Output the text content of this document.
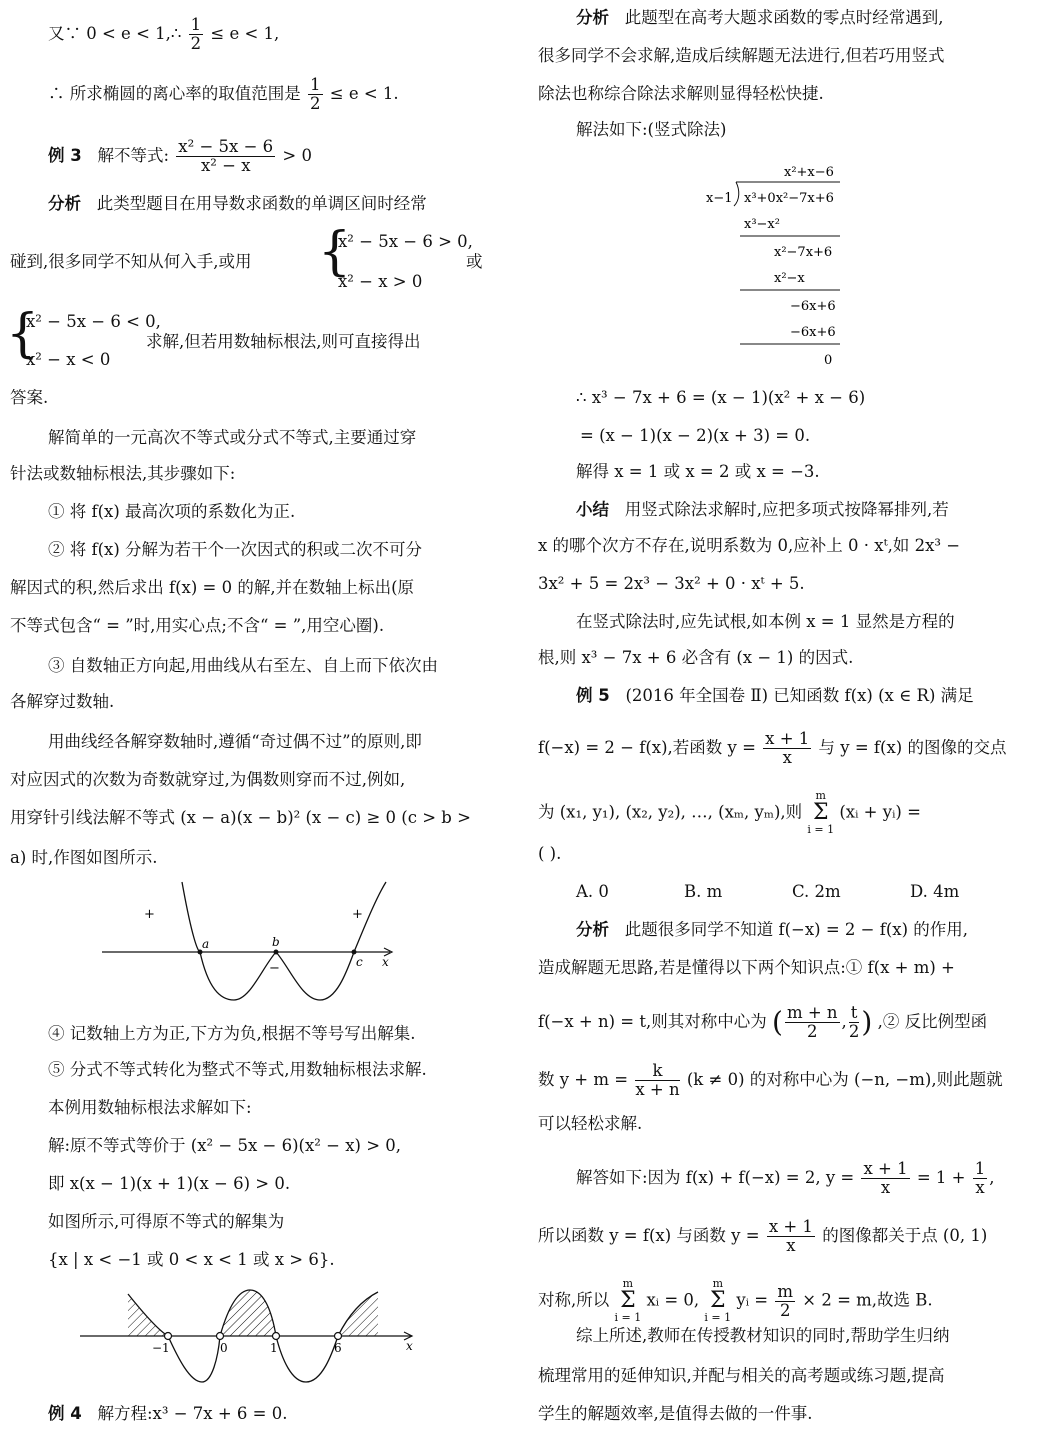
又∵ 0 < e < 1,∴ $\frac{1}{2} \le e < 1$,
∴ 所求椭圆的离心率的取值范围是 $\frac{1}{2} \le e < 1$.
例 3 解不等式: $\frac{\text{x² − 5x − 6}}{\text{x² − x}} > 0$
分析 此类型题目在用导数求函数的单调区间时经常
碰到,很多同学不知从何入手,或用 {
x² − 5x − 6 > 0,
x² − x > 0
或
{
x² − 5x − 6 < 0,
x² − x < 0
求解,但若用数轴标根法,则可直接得出
答案.
解简单的一元高次不等式或分式不等式,主要通过穿
针法或数轴标根法,其步骤如下:
① 将 f(x) 最高次项的系数化为正.
② 将 f(x) 分解为若干个一次因式的积或二次不可分
解因式的积,然后求出 f(x) = 0 的解,并在数轴上标出(原
不等式包含“ = ”时,用实心点;不含“ = ”,用空心圈).
③ 自数轴正方向起,用曲线从右至左、自上而下依次由
各解穿过数轴.
用曲线经各解穿数轴时,遵循“奇过偶不过”的原则,即
对应因式的次数为奇数就穿过,为偶数则穿而不过,例如,
用穿针引线法解不等式 (x − a)(x − b)² (x − c) ≥ 0 (c > b >
a) 时,作图如图所示.
+	+
−
a	b
c x
④ 记数轴上方为正,下方为负,根据不等号写出解集.
⑤ 分式不等式转化为整式不等式,用数轴标根法求解.
本例用数轴标根法求解如下:
解:原不等式等价于 (x² − 5x − 6)(x² − x) > 0,
即 x(x − 1)(x + 1)(x − 6) > 0.
如图所示,可得原不等式的解集为
{x | x < −1 或 0 < x < 1 或 x > 6}.
−1	0	1	6	x
例 4 解方程:x³ − 7x + 6 = 0.
分析 此题型在高考大题求函数的零点时经常遇到,
很多同学不会求解,造成后续解题无法进行,但若巧用竖式
除法也称综合除法求解则显得轻松快捷.
解法如下:(竖式除法)
x²+x−6
x−1 x³+0x²−7x+6
x³−x²
x²−7x+6
x²−x
−6x+6
−6x+6
0
∴ x³ − 7x + 6 = (x − 1)(x² + x − 6)
= (x − 1)(x − 2)(x + 3) = 0.
解得 x = 1 或 x = 2 或 x = −3.
小结 用竖式除法求解时,应把多项式按降幂排列,若
x 的哪个次方不存在,说明系数为 0,应补上 0 · xᵗ,如 2x³ −
3x² + 5 = 2x³ − 3x² + 0 · xᵗ + 5.
在竖式除法时,应先试根,如本例 x = 1 显然是方程的
根,则 x³ − 7x + 6 必含有 (x − 1) 的因式.
例 5 (2016 年全国卷 Ⅱ) 已知函数 f(x) (x ∈ R) 满足
f(−x) = 2 − f(x),若函数 $y = \frac{x + 1}{x}$ 与 y = f(x) 的图像的交点
为 (x₁, y₁), (x₂, y₂), …, (xₘ, yₘ),则
m
Σ
i = 1
(xᵢ + yᵢ) =
( ).
A. 0	B. m	C. 2m	D. 4m
分析 此题很多同学不知道 f(−x) = 2 − f(x) 的作用,
造成解题无思路,若是懂得以下两个知识点:① f(x + m) +
f(−x + n) = t,则其对称中心为 ( $\frac{m + n}{2}$ , $\frac{t}{2}$ ) ,② 反比例型函
数 $y + m = \frac{k}{x + n} (k \ne 0)$ 的对称中心为 (−n, −m),则此题就
可以轻松求解.
解答如下:因为 f(x) + f(−x) = 2, $y = \frac{x + 1}{x} = 1 + \frac{1}{x}$ ,
所以函数 y = f(x) 与函数 $y = \frac{x + 1}{x}$ 的图像都关于点 (0, 1)
对称,所以
m
Σ
i = 1
xᵢ = 0,
m
Σ
i = 1
yᵢ = $\frac{m}{2} \times 2 = m$,故选 B.
综上所述,教师在传授教材知识的同时,帮助学生归纳
梳理常用的延伸知识,并配与相关的高考题或练习题,提高
学生的解题效率,是值得去做的一件事.
